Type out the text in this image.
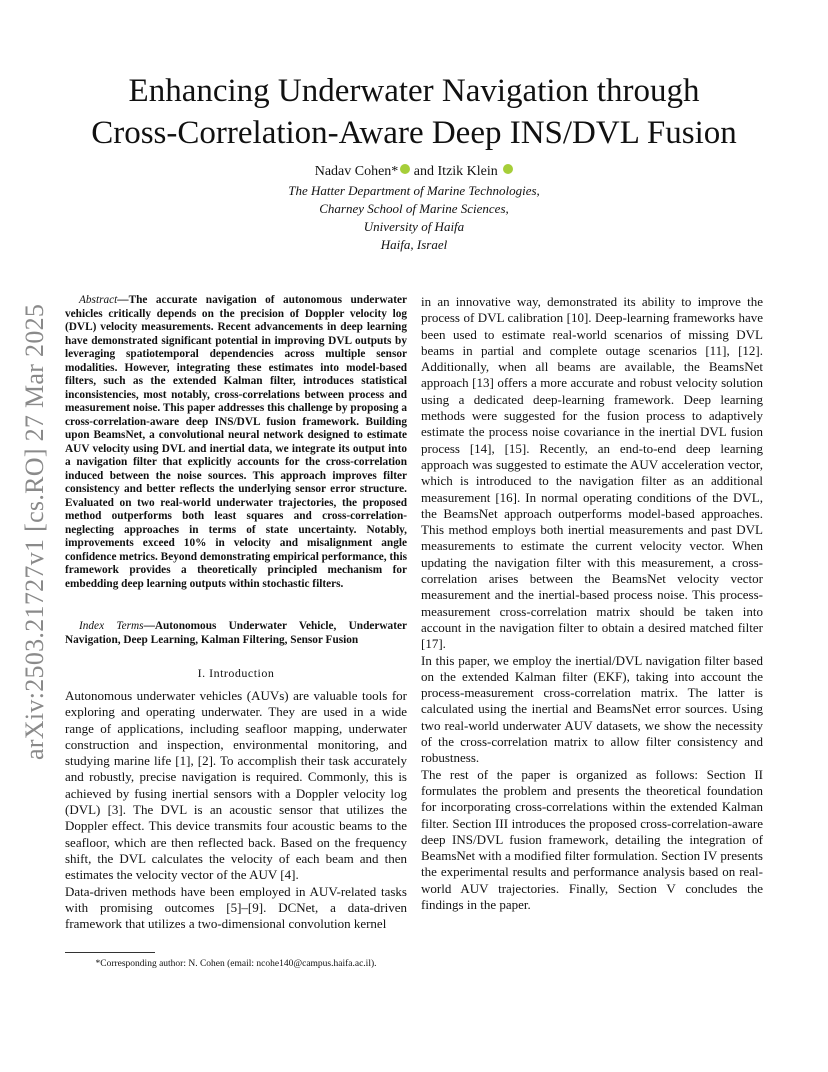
arXiv:2503.21727v1 [cs.RO] 27 Mar 2025
Enhancing Underwater Navigation through
Cross-Correlation-Aware Deep INS/DVL Fusion
Nadav Cohen* and Itzik Klein
The Hatter Department of Marine Technologies,
Charney School of Marine Sciences,
University of Haifa
Haifa, Israel

Abstract—The accurate navigation of autonomous underwater vehicles critically depends on the precision of Doppler velocity log (DVL) velocity measurements. Recent advancements in deep learning have demonstrated significant potential in improving DVL outputs by leveraging spatiotemporal dependencies across multiple sensor modalities. However, integrating these estimates into model-based filters, such as the extended Kalman filter, introduces statistical inconsistencies, most notably, cross-correlations between process and measurement noise. This paper addresses this challenge by proposing a cross-correlation-aware deep INS/DVL fusion framework. Building upon BeamsNet, a convolutional neural network designed to estimate AUV velocity using DVL and inertial data, we integrate its output into a navigation filter that explicitly accounts for the cross-correlation induced between the noise sources. This approach improves filter consistency and better reflects the underlying sensor error structure. Evaluated on two real-world underwater trajectories, the proposed method outperforms both least squares and cross-correlation-neglecting approaches in terms of state uncertainty. Notably, improvements exceed 10% in velocity and misalignment angle confidence metrics. Beyond demonstrating empirical performance, this framework provides a theoretically principled mechanism for embedding deep learning outputs within stochastic filters.

Index Terms—Autonomous Underwater Vehicle, Underwater Navigation, Deep Learning, Kalman Filtering, Sensor Fusion
I. Introduction

Autonomous underwater vehicles (AUVs) are valuable tools for exploring and operating underwater. They are used in a wide range of applications, including seafloor mapping, underwater construction and inspection, environmental monitoring, and studying marine life [1], [2]. To accomplish their task accurately and robustly, precise navigation is required. Commonly, this is achieved by fusing inertial sensors with a Doppler velocity log (DVL) [3]. The DVL is an acoustic sensor that utilizes the Doppler effect. This device transmits four acoustic beams to the seafloor, which are then reflected back. Based on the frequency shift, the DVL calculates the velocity of each beam and then estimates the velocity vector of the AUV [4].

Data-driven methods have been employed in AUV-related tasks with promising outcomes [5]–[9]. DCNet, a data-driven framework that utilizes a two-dimensional convolution kernel

in an innovative way, demonstrated its ability to improve the process of DVL calibration [10]. Deep-learning frameworks have been used to estimate real-world scenarios of missing DVL beams in partial and complete outage scenarios [11], [12]. Additionally, when all beams are available, the BeamsNet approach [13] offers a more accurate and robust velocity solution using a dedicated deep-learning framework. Deep learning methods were suggested for the fusion process to adaptively estimate the process noise covariance in the inertial DVL fusion process [14], [15]. Recently, an end-to-end deep learning approach was suggested to estimate the AUV acceleration vector, which is introduced to the navigation filter as an additional measurement [16]. In normal operating conditions of the DVL, the BeamsNet approach outperforms model-based approaches. This method employs both inertial measurements and past DVL measurements to estimate the current velocity vector. When updating the navigation filter with this measurement, a cross-correlation arises between the BeamsNet velocity vector measurement and the inertial-based process noise. This process-measurement cross-correlation matrix should be taken into account in the navigation filter to obtain a desired matched filter [17].

In this paper, we employ the inertial/DVL navigation filter based on the extended Kalman filter (EKF), taking into account the process-measurement cross-correlation matrix. The latter is calculated using the inertial and BeamsNet error sources. Using two real-world underwater AUV datasets, we show the necessity of the cross-correlation matrix to allow filter consistency and robustness.

The rest of the paper is organized as follows: Section II formulates the problem and presents the theoretical foundation for incorporating cross-correlations within the extended Kalman filter. Section III introduces the proposed cross-correlation-aware deep INS/DVL fusion framework, detailing the integration of BeamsNet with a modified filter formulation. Section IV presents the experimental results and performance analysis based on real-world AUV trajectories. Finally, Section V concludes the findings in the paper.

*Corresponding author: N. Cohen (email: ncohe140@campus.haifa.ac.il).
